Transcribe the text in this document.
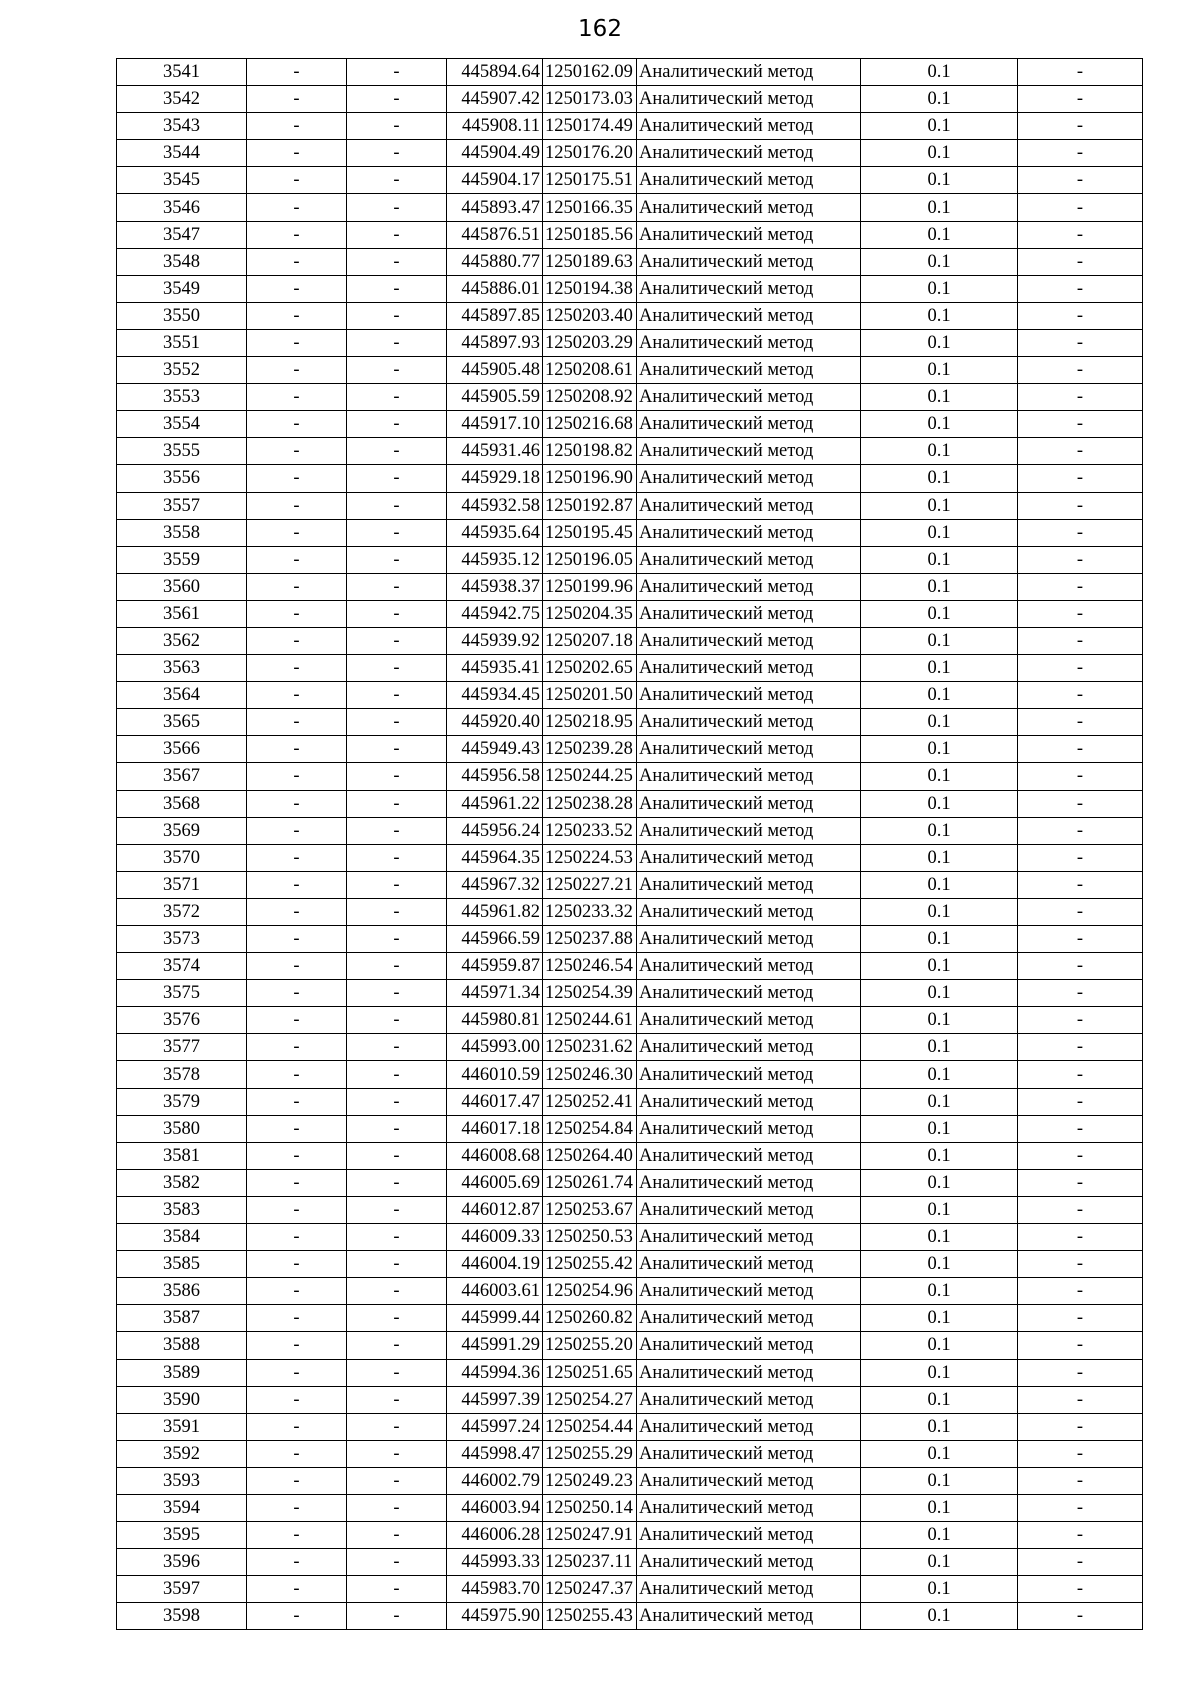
162
3541	-	-	445894.64	1250162.09	Аналитический метод	0.1	-
3542	-	-	445907.42	1250173.03	Аналитический метод	0.1	-
3543	-	-	445908.11	1250174.49	Аналитический метод	0.1	-
3544	-	-	445904.49	1250176.20	Аналитический метод	0.1	-
3545	-	-	445904.17	1250175.51	Аналитический метод	0.1	-
3546	-	-	445893.47	1250166.35	Аналитический метод	0.1	-
3547	-	-	445876.51	1250185.56	Аналитический метод	0.1	-
3548	-	-	445880.77	1250189.63	Аналитический метод	0.1	-
3549	-	-	445886.01	1250194.38	Аналитический метод	0.1	-
3550	-	-	445897.85	1250203.40	Аналитический метод	0.1	-
3551	-	-	445897.93	1250203.29	Аналитический метод	0.1	-
3552	-	-	445905.48	1250208.61	Аналитический метод	0.1	-
3553	-	-	445905.59	1250208.92	Аналитический метод	0.1	-
3554	-	-	445917.10	1250216.68	Аналитический метод	0.1	-
3555	-	-	445931.46	1250198.82	Аналитический метод	0.1	-
3556	-	-	445929.18	1250196.90	Аналитический метод	0.1	-
3557	-	-	445932.58	1250192.87	Аналитический метод	0.1	-
3558	-	-	445935.64	1250195.45	Аналитический метод	0.1	-
3559	-	-	445935.12	1250196.05	Аналитический метод	0.1	-
3560	-	-	445938.37	1250199.96	Аналитический метод	0.1	-
3561	-	-	445942.75	1250204.35	Аналитический метод	0.1	-
3562	-	-	445939.92	1250207.18	Аналитический метод	0.1	-
3563	-	-	445935.41	1250202.65	Аналитический метод	0.1	-
3564	-	-	445934.45	1250201.50	Аналитический метод	0.1	-
3565	-	-	445920.40	1250218.95	Аналитический метод	0.1	-
3566	-	-	445949.43	1250239.28	Аналитический метод	0.1	-
3567	-	-	445956.58	1250244.25	Аналитический метод	0.1	-
3568	-	-	445961.22	1250238.28	Аналитический метод	0.1	-
3569	-	-	445956.24	1250233.52	Аналитический метод	0.1	-
3570	-	-	445964.35	1250224.53	Аналитический метод	0.1	-
3571	-	-	445967.32	1250227.21	Аналитический метод	0.1	-
3572	-	-	445961.82	1250233.32	Аналитический метод	0.1	-
3573	-	-	445966.59	1250237.88	Аналитический метод	0.1	-
3574	-	-	445959.87	1250246.54	Аналитический метод	0.1	-
3575	-	-	445971.34	1250254.39	Аналитический метод	0.1	-
3576	-	-	445980.81	1250244.61	Аналитический метод	0.1	-
3577	-	-	445993.00	1250231.62	Аналитический метод	0.1	-
3578	-	-	446010.59	1250246.30	Аналитический метод	0.1	-
3579	-	-	446017.47	1250252.41	Аналитический метод	0.1	-
3580	-	-	446017.18	1250254.84	Аналитический метод	0.1	-
3581	-	-	446008.68	1250264.40	Аналитический метод	0.1	-
3582	-	-	446005.69	1250261.74	Аналитический метод	0.1	-
3583	-	-	446012.87	1250253.67	Аналитический метод	0.1	-
3584	-	-	446009.33	1250250.53	Аналитический метод	0.1	-
3585	-	-	446004.19	1250255.42	Аналитический метод	0.1	-
3586	-	-	446003.61	1250254.96	Аналитический метод	0.1	-
3587	-	-	445999.44	1250260.82	Аналитический метод	0.1	-
3588	-	-	445991.29	1250255.20	Аналитический метод	0.1	-
3589	-	-	445994.36	1250251.65	Аналитический метод	0.1	-
3590	-	-	445997.39	1250254.27	Аналитический метод	0.1	-
3591	-	-	445997.24	1250254.44	Аналитический метод	0.1	-
3592	-	-	445998.47	1250255.29	Аналитический метод	0.1	-
3593	-	-	446002.79	1250249.23	Аналитический метод	0.1	-
3594	-	-	446003.94	1250250.14	Аналитический метод	0.1	-
3595	-	-	446006.28	1250247.91	Аналитический метод	0.1	-
3596	-	-	445993.33	1250237.11	Аналитический метод	0.1	-
3597	-	-	445983.70	1250247.37	Аналитический метод	0.1	-
3598	-	-	445975.90	1250255.43	Аналитический метод	0.1	-
